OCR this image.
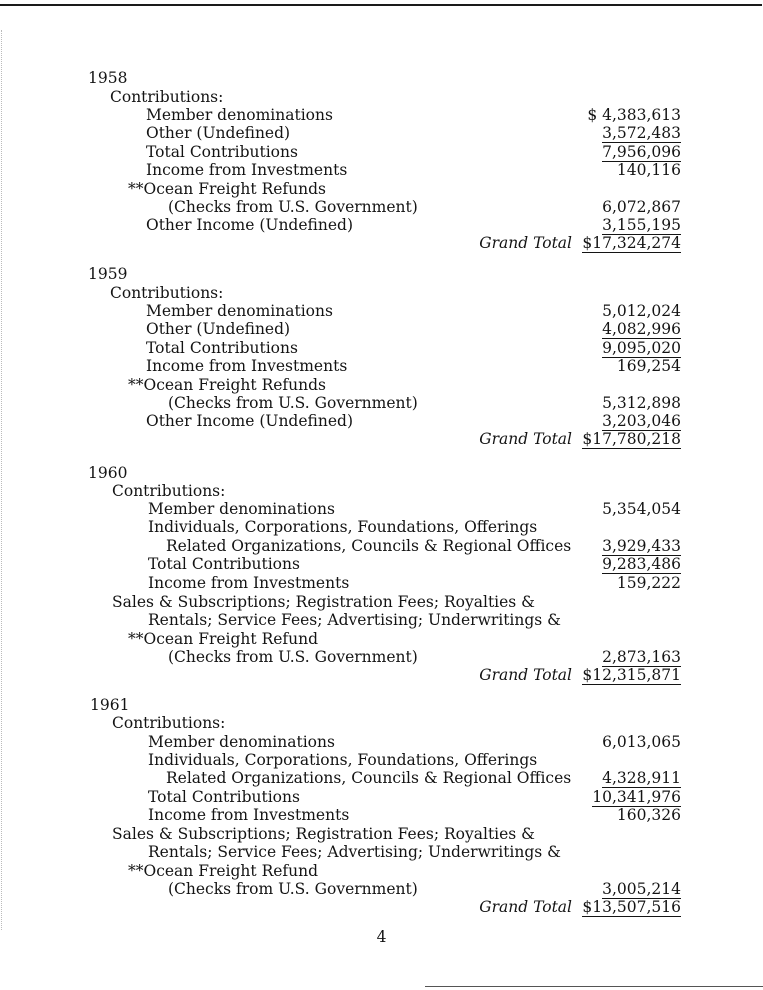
1958
Contributions:
Member denominations	$ 4,383,613
Other (Undefined)	3,572,483
Total Contributions	7,956,096
Income from Investments	140,116
**Ocean Freight Refunds
(Checks from U.S. Government)	6,072,867
Other Income (Undefined)	3,155,195
Grand Total $17,324,274
1959
Contributions:
Member denominations	5,012,024
Other (Undefined)	4,082,996
Total Contributions	9,095,020
Income from Investments	169,254
**Ocean Freight Refunds
(Checks from U.S. Government)	5,312,898
Other Income (Undefined)	3,203,046
Grand Total $17,780,218
1960
Contributions:
Member denominations	5,354,054
Individuals, Corporations, Foundations, Offerings
Related Organizations, Councils & Regional Offices 3,929,433
Total Contributions	9,283,486
Income from Investments	159,222
Sales & Subscriptions; Registration Fees; Royalties &
Rentals; Service Fees; Advertising; Underwritings &
**Ocean Freight Refund
(Checks from U.S. Government)	2,873,163
Grand Total $12,315,871
1961
Contributions:
Member denominations	6,013,065
Individuals, Corporations, Foundations, Offerings
Related Organizations, Councils & Regional Offices 4,328,911
Total Contributions	10,341,976
Income from Investments	160,326
Sales & Subscriptions; Registration Fees; Royalties &
Rentals; Service Fees; Advertising; Underwritings &
**Ocean Freight Refund
(Checks from U.S. Government)	3,005,214
Grand Total $13,507,516
4
